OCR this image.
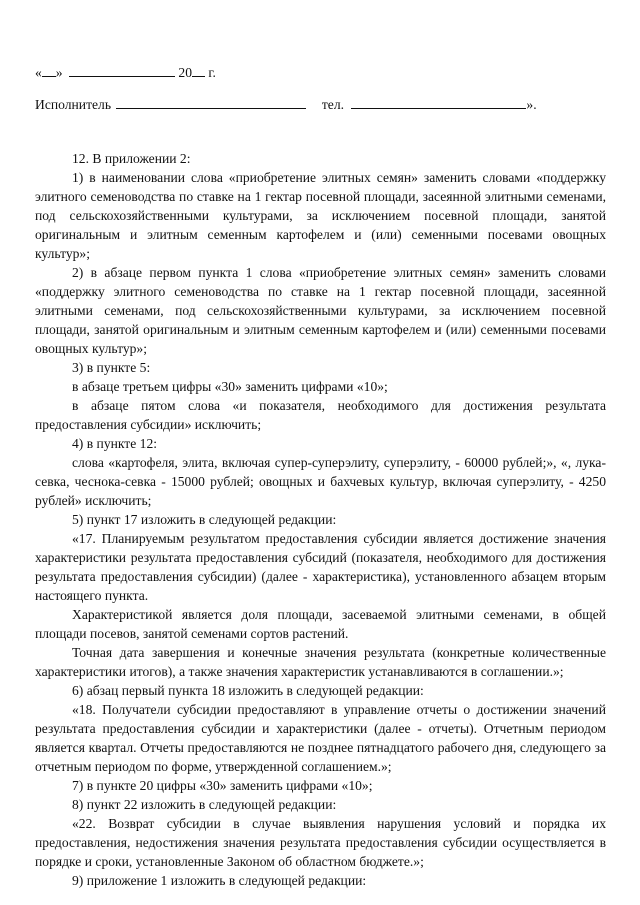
« »	20 г.
Исполнитель	тел.	».

12. В приложении 2:

1) в наименовании слова «приобретение элитных семян» заменить словами «поддержку элитного семеноводства по ставке на 1 гектар посевной площади, засеянной элитными семенами, под сельскохозяйственными культурами, за исключением посевной площади, занятой оригинальным и элитным семенным картофелем и (или) семенными посевами овощных культур»;

2) в абзаце первом пункта 1 слова «приобретение элитных семян» заменить словами «поддержку элитного семеноводства по ставке на 1 гектар посевной площади, засеянной элитными семенами, под сельскохозяйственными культурами, за исключением посевной площади, занятой оригинальным и элитным семенным картофелем и (или) семенными посевами овощных культур»;

3) в пункте 5:

в абзаце третьем цифры «30» заменить цифрами «10»;

в абзаце пятом слова «и показателя, необходимого для достижения результата предоставления субсидии» исключить;

4) в пункте 12:

слова «картофеля, элита, включая супер-суперэлиту, суперэлиту, - 60000 рублей;», «, лука-севка, чеснока-севка - 15000 рублей; овощных и бахчевых культур, включая суперэлиту, - 4250 рублей» исключить;

5) пункт 17 изложить в следующей редакции:

«17. Планируемым результатом предоставления субсидии является достижение значения характеристики результата предоставления субсидий (показателя, необходимого для достижения результата предоставления субсидии) (далее - характеристика), установленного абзацем вторым настоящего пункта.

Характеристикой является доля площади, засеваемой элитными семенами, в общей площади посевов, занятой семенами сортов растений.

Точная дата завершения и конечные значения результата (конкретные количественные характеристики итогов), а также значения характеристик устанавливаются в соглашении.»;

6) абзац первый пункта 18 изложить в следующей редакции:

«18. Получатели субсидии предоставляют в управление отчеты о достижении значений результата предоставления субсидии и характеристики (далее - отчеты). Отчетным периодом является квартал. Отчеты предоставляются не позднее пятнадцатого рабочего дня, следующего за отчетным периодом по форме, утвержденной соглашением.»;

7) в пункте 20 цифры «30» заменить цифрами «10»;

8) пункт 22 изложить в следующей редакции:

«22. Возврат субсидии в случае выявления нарушения условий и порядка их предоставления, недостижения значения результата предоставления субсидии осуществляется в порядке и сроки, установленные Законом об областном бюджете.»;

9) приложение 1 изложить в следующей редакции:
